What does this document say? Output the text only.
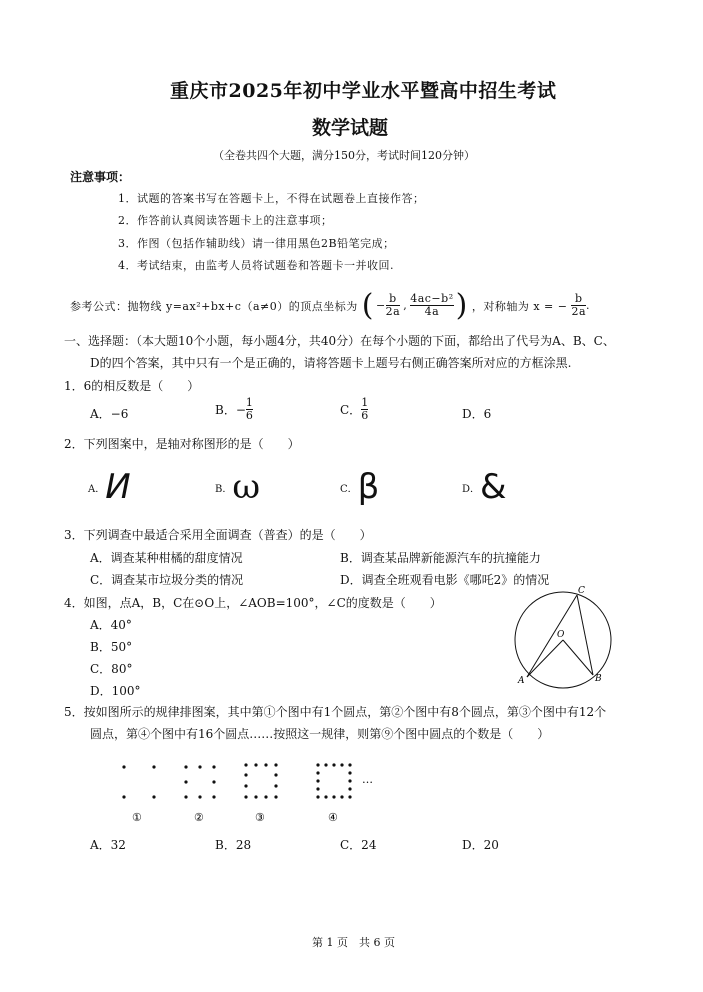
重庆市2025年初中学业水平暨高中招生考试
数学试题
（全卷共四个大题，满分150分，考试时间120分钟）
注意事项：
1．试题的答案书写在答题卡上，不得在试题卷上直接作答；
2．作答前认真阅读答题卡上的注意事项；
3．作图（包括作辅助线）请一律用黑色2B铅笔完成；
4．考试结束，由监考人员将试题卷和答题卡一并收回.
参考公式：抛物线 y=ax²+bx+c（a≠0）的顶点坐标为 ( − $\frac{b}{2a}$ , $\frac{\text{4ac−b²}}{4a}$ ) ，对称轴为 x = − $\frac{b}{2a}$ .
一、选择题：（本大题10个小题，每小题4分，共40分）在每个小题的下面，都给出了代号为A、B、C、
D的四个答案，其中只有一个是正确的，请将答题卡上题号右侧正确答案所对应的方框涂黑.
1．6的相反数是（　　）
A．−6	B． − $\frac{1}{6}$	C． $\frac{1}{6}$	D．6
2．下列图案中，是轴对称图形的是（　　）
A． И	B． ω	C． β	D． &
3．下列调查中最适合采用全面调查（普查）的是（　　）
A．调查某种柑橘的甜度情况	B．调查某品牌新能源汽车的抗撞能力
C．调查某市垃圾分类的情况	D．调查全班观看电影《哪吒2》的情况
4．如图，点A，B，C在⊙O上，∠AOB=100°，∠C的度数是（　　）
A．40°
B．50°
C．80°
D．100°
C
O
A	B
5．按如图所示的规律排图案，其中第①个图中有1个圆点，第②个图中有8个圆点，第③个图中有12个
圆点，第④个图中有16个圆点……按照这一规律，则第⑨个图中圆点的个数是（　　）
…
①	②	③	④
A．32	B．28	C．24	D．20
第 1 页　共 6 页
